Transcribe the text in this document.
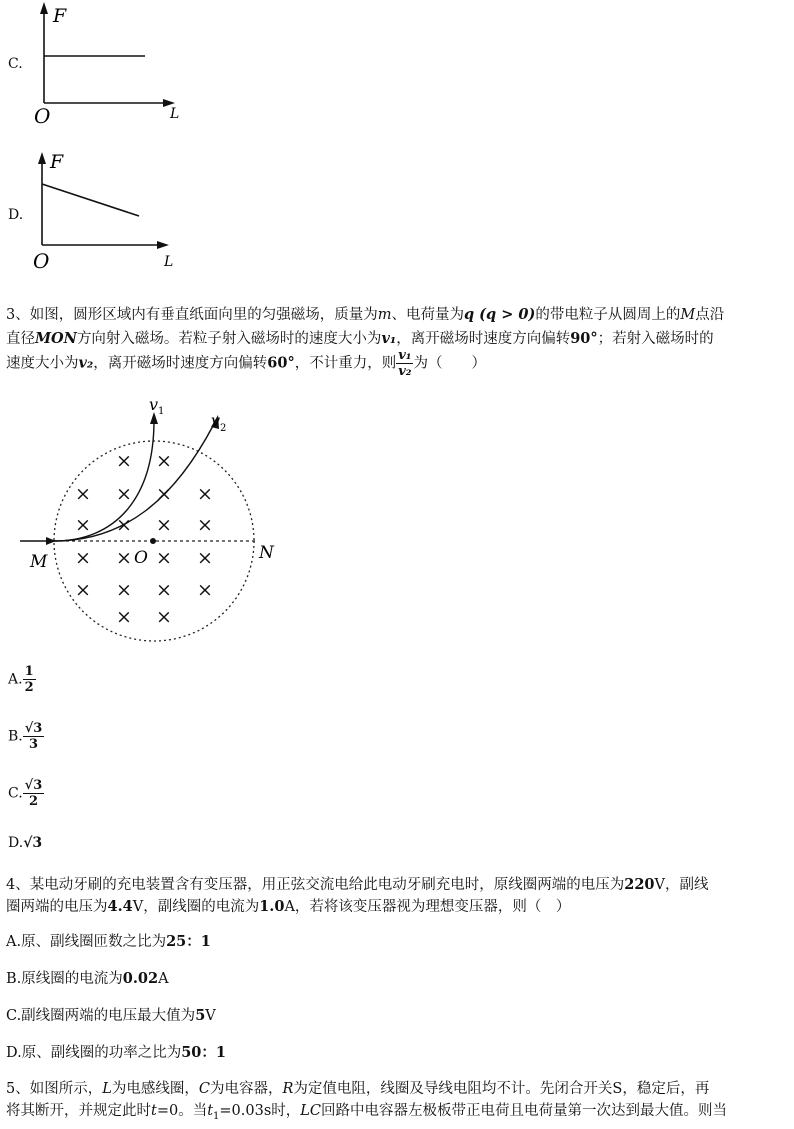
C.
F
O	L
D.
F
O	L
3、如图，圆形区域内有垂直纸面向里的匀强磁场，质量为m、电荷量为q (q > 0)的带电粒子从圆周上的M点沿
直径MON方向射入磁场。若粒子射入磁场时的速度大小为v₁，离开磁场时速度方向偏转90°；若射入磁场时的
速度大小为v₂，离开磁场时速度方向偏转60°，不计重力，则 $\frac{\text{v₁}}{\text{v₂}}$ 为（　　）
× ×
× × × ×
× × × ×
× × × ×
× × × ×
× ×
v 1	v 2
M	O	N
A. $\frac{1}{2}$
B. $\frac{√3}{3}$
C. $\frac{√3}{2}$
D.√3
4、某电动牙刷的充电装置含有变压器，用正弦交流电给此电动牙刷充电时，原线圈两端的电压为220V，副线
圈两端的电压为4.4V，副线圈的电流为1.0A，若将该变压器视为理想变压器，则（　）
A.原、副线圈匝数之比为25：1
B.原线圈的电流为0.02A
C.副线圈两端的电压最大值为5V
D.原、副线圈的功率之比为50：1
5、如图所示，L为电感线圈，C为电容器，R为定值电阻，线圈及导线电阻均不计。先闭合开关S，稳定后，再
将其断开，并规定此时t=0。当$t_1=0.03s$时，LC回路中电容器左极板带正电荷且电荷量第一次达到最大值。则当
